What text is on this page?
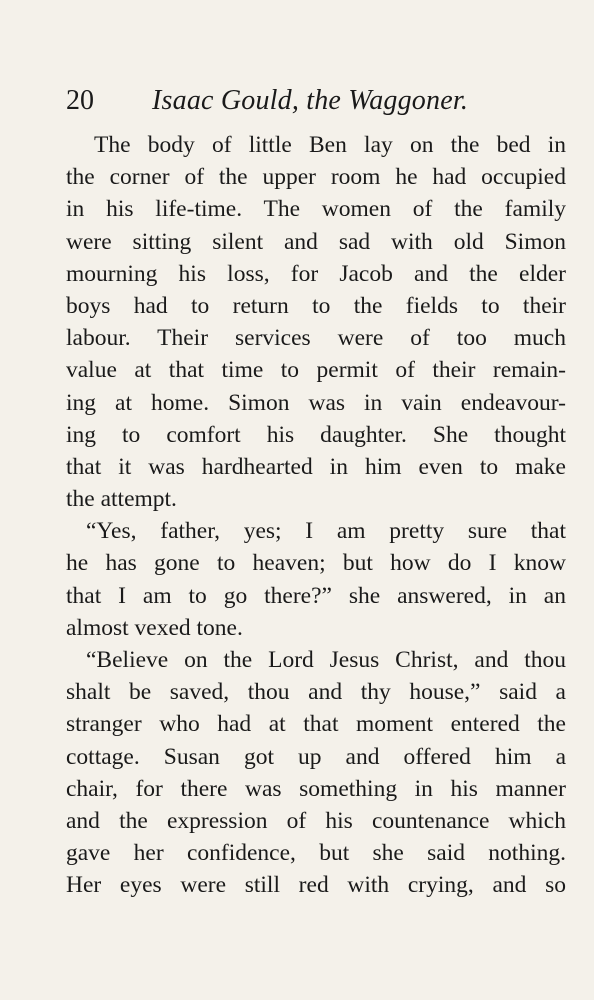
20 Isaac Gould, the Waggoner.
The body of little Ben lay on the bed in
the corner of the upper room he had occupied
in his life-time. The women of the family
were sitting silent and sad with old Simon
mourning his loss, for Jacob and the elder
boys had to return to the fields to their
labour. Their services were of too much
value at that time to permit of their remain-
ing at home. Simon was in vain endeavour-
ing to comfort his daughter. She thought
that it was hardhearted in him even to make
the attempt.
“Yes, father, yes; I am pretty sure that
he has gone to heaven; but how do I know
that I am to go there?” she answered, in an
almost vexed tone.
“Believe on the Lord Jesus Christ, and thou
shalt be saved, thou and thy house,” said a
stranger who had at that moment entered the
cottage. Susan got up and offered him a
chair, for there was something in his manner
and the expression of his countenance which
gave her confidence, but she said nothing.
Her eyes were still red with crying, and so
